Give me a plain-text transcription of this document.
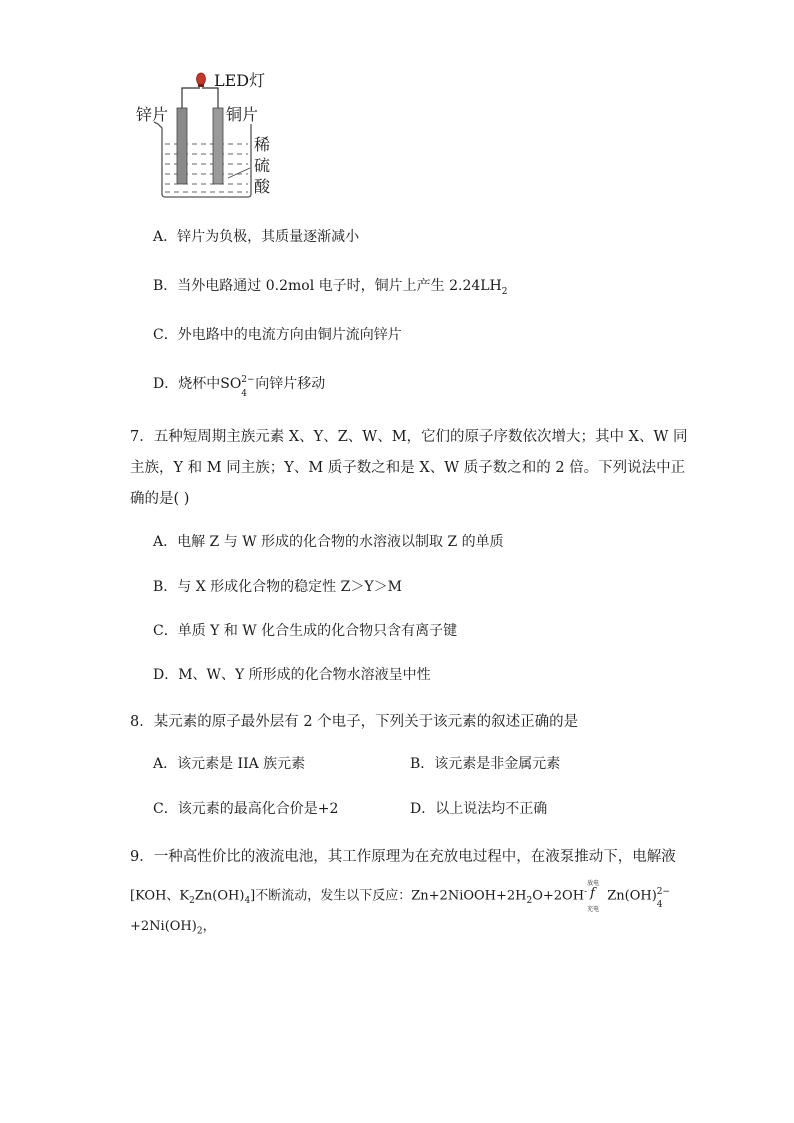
LED灯
锌片	铜片
稀
硫
酸
A．锌片为负极，其质量逐渐减小
B．当外电路通过 0.2mol 电子时，铜片上产生 $2.24LH_2$
C．外电路中的电流方向由铜片流向锌片
D．烧杯中SO 2−
4
向锌片移动
7．五种短周期主族元素 X、Y、Z、W、M，它们的原子序数依次增大；其中 X、W 同
主族，Y 和 M 同主族；Y、M 质子数之和是 X、W 质子数之和的 2 倍。下列说法中正
确的是( )
A．电解 Z 与 W 形成的化合物的水溶液以制取 Z 的单质
B．与 X 形成化合物的稳定性 Z＞Y＞M
C．单质 Y 和 W 化合生成的化合物只含有离子键
D．M、W、Y 所形成的化合物水溶液呈中性
8．某元素的原子最外层有 2 个电子，下列关于该元素的叙述正确的是
A．该元素是 IIA 族元素	B．该元素是非金属元素
C．该元素的最高化合价是+2	D．以上说法均不正确
9．一种高性价比的液流电池，其工作原理为在充放电过程中，在液泵推动下，电解液
[KOH、$K_2Zn(OH)_4$]不断流动，发生以下反应：$Zn+2NiOOH+2H_2O+2OH^-$
放电
f
充电
Zn(OH) 2−
4
$+2Ni(OH)_2$，
